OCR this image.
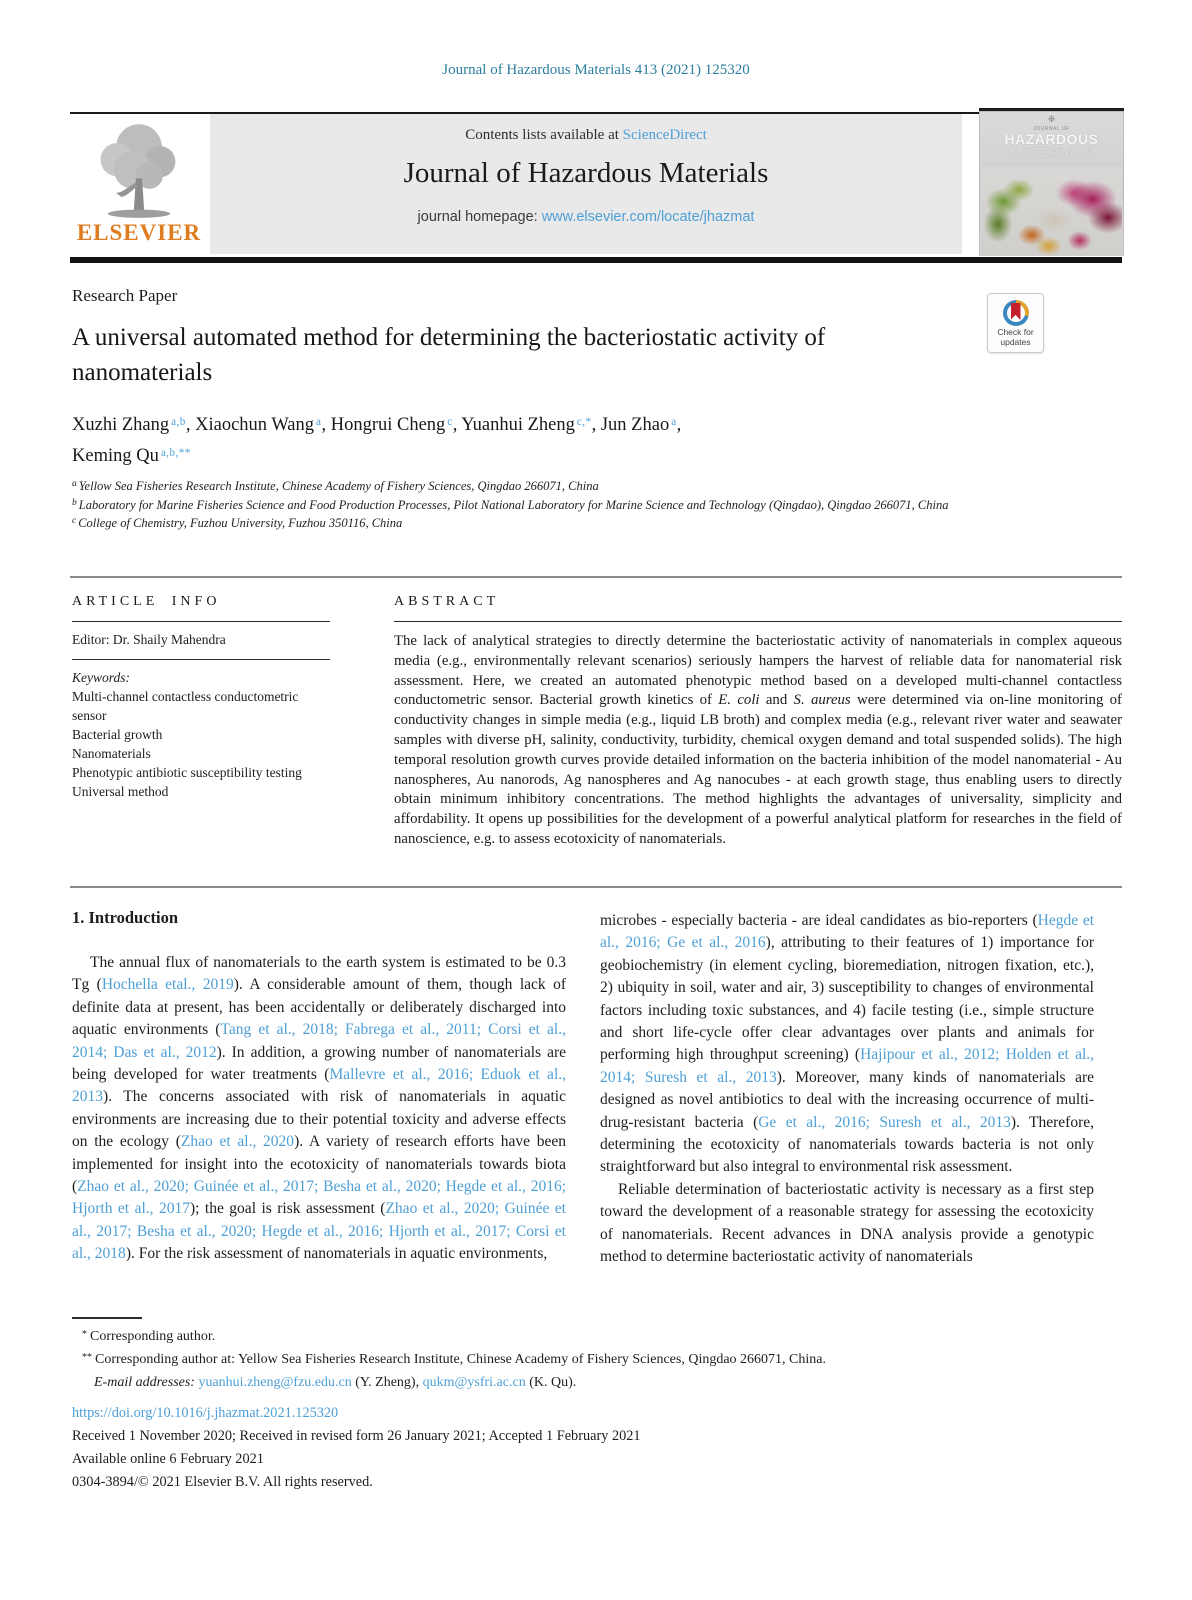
Journal of Hazardous Materials 413 (2021) 125320
ELSEVIER
Contents lists available at ScienceDirect
Journal of Hazardous Materials
journal homepage: www.elsevier.com/locate/jhazmat
❉
JOURNAL OF
HAZARDOUS
MATERIALS
Research Paper
A universal automated method for determining the bacteriostatic activity of nanomaterials
Check for
updates
Xuzhi Zhang $^{a,b}$, Xiaochun Wang $^a$, Hongrui Cheng $^c$, Yuanhui Zheng $^{c,*}$, Jun Zhao $^a$,
Keming Qu $^{a,b,**}$
$^a$ Yellow Sea Fisheries Research Institute, Chinese Academy of Fishery Sciences, Qingdao 266071, China
$^b$ Laboratory for Marine Fisheries Science and Food Production Processes, Pilot National Laboratory for Marine Science and Technology (Qingdao), Qingdao 266071, China
$^c$ College of Chemistry, Fuzhou University, Fuzhou 350116, China
ARTICLE INFO
Editor: Dr. Shaily Mahendra
Keywords:
Multi-channel contactless conductometric sensor
Bacterial growth
Nanomaterials
Phenotypic antibiotic susceptibility testing
Universal method
ABSTRACT
The lack of analytical strategies to directly determine the bacteriostatic activity of nanomaterials in complex aqueous media (e.g., environmentally relevant scenarios) seriously hampers the harvest of reliable data for nanomaterial risk assessment. Here, we created an automated phenotypic method based on a developed multi-channel contactless conductometric sensor. Bacterial growth kinetics of E. coli and S. aureus were determined via on-line monitoring of conductivity changes in simple media (e.g., liquid LB broth) and complex media (e.g., relevant river water and seawater samples with diverse pH, salinity, conductivity, turbidity, chemical oxygen demand and total suspended solids). The high temporal resolution growth curves provide detailed information on the bacteria inhibition of the model nanomaterial - Au nanospheres, Au nanorods, Ag nanospheres and Ag nanocubes - at each growth stage, thus enabling users to directly obtain minimum inhibitory concentrations. The method highlights the advantages of universality, simplicity and affordability. It opens up possibilities for the development of a powerful analytical platform for researches in the field of nanoscience, e.g. to assess ecotoxicity of nanomaterials.
1. Introduction

The annual flux of nanomaterials to the earth system is estimated to be 0.3 Tg (Hochella etal., 2019). A considerable amount of them, though lack of definite data at present, has been accidentally or deliberately discharged into aquatic environments (Tang et al., 2018; Fabrega et al., 2011; Corsi et al., 2014; Das et al., 2012). In addition, a growing number of nanomaterials are being developed for water treatments (Mallevre et al., 2016; Eduok et al., 2013). The concerns associated with risk of nanomaterials in aquatic environments are increasing due to their potential toxicity and adverse effects on the ecology (Zhao et al., 2020). A variety of research efforts have been implemented for insight into the ecotoxicity of nanomaterials towards biota (Zhao et al., 2020; Guinée et al., 2017; Besha et al., 2020; Hegde et al., 2016; Hjorth et al., 2017); the goal is risk assessment (Zhao et al., 2020; Guinée et al., 2017; Besha et al., 2020; Hegde et al., 2016; Hjorth et al., 2017; Corsi et al., 2018). For the risk assessment of nanomaterials in aquatic environments,

microbes - especially bacteria - are ideal candidates as bio-reporters (Hegde et al., 2016; Ge et al., 2016), attributing to their features of 1) importance for geobiochemistry (in element cycling, bioremediation, nitrogen fixation, etc.), 2) ubiquity in soil, water and air, 3) susceptibility to changes of environmental factors including toxic substances, and 4) facile testing (i.e., simple structure and short life-cycle offer clear advantages over plants and animals for performing high throughput screening) (Hajipour et al., 2012; Holden et al., 2014; Suresh et al., 2013). Moreover, many kinds of nanomaterials are designed as novel antibiotics to deal with the increasing occurrence of multi-drug-resistant bacteria (Ge et al., 2016; Suresh et al., 2013). Therefore, determining the ecotoxicity of nanomaterials towards bacteria is not only straightforward but also integral to environmental risk assessment.

Reliable determination of bacteriostatic activity is necessary as a first step toward the development of a reasonable strategy for assessing the ecotoxicity of nanomaterials. Recent advances in DNA analysis provide a genotypic method to determine bacteriostatic activity of nanomaterials

* Corresponding author.
** Corresponding author at: Yellow Sea Fisheries Research Institute, Chinese Academy of Fishery Sciences, Qingdao 266071, China.
E-mail addresses: yuanhui.zheng@fzu.edu.cn (Y. Zheng), qukm@ysfri.ac.cn (K. Qu).
https://doi.org/10.1016/j.jhazmat.2021.125320
Received 1 November 2020; Received in revised form 26 January 2021; Accepted 1 February 2021
Available online 6 February 2021
0304-3894/© 2021 Elsevier B.V. All rights reserved.
